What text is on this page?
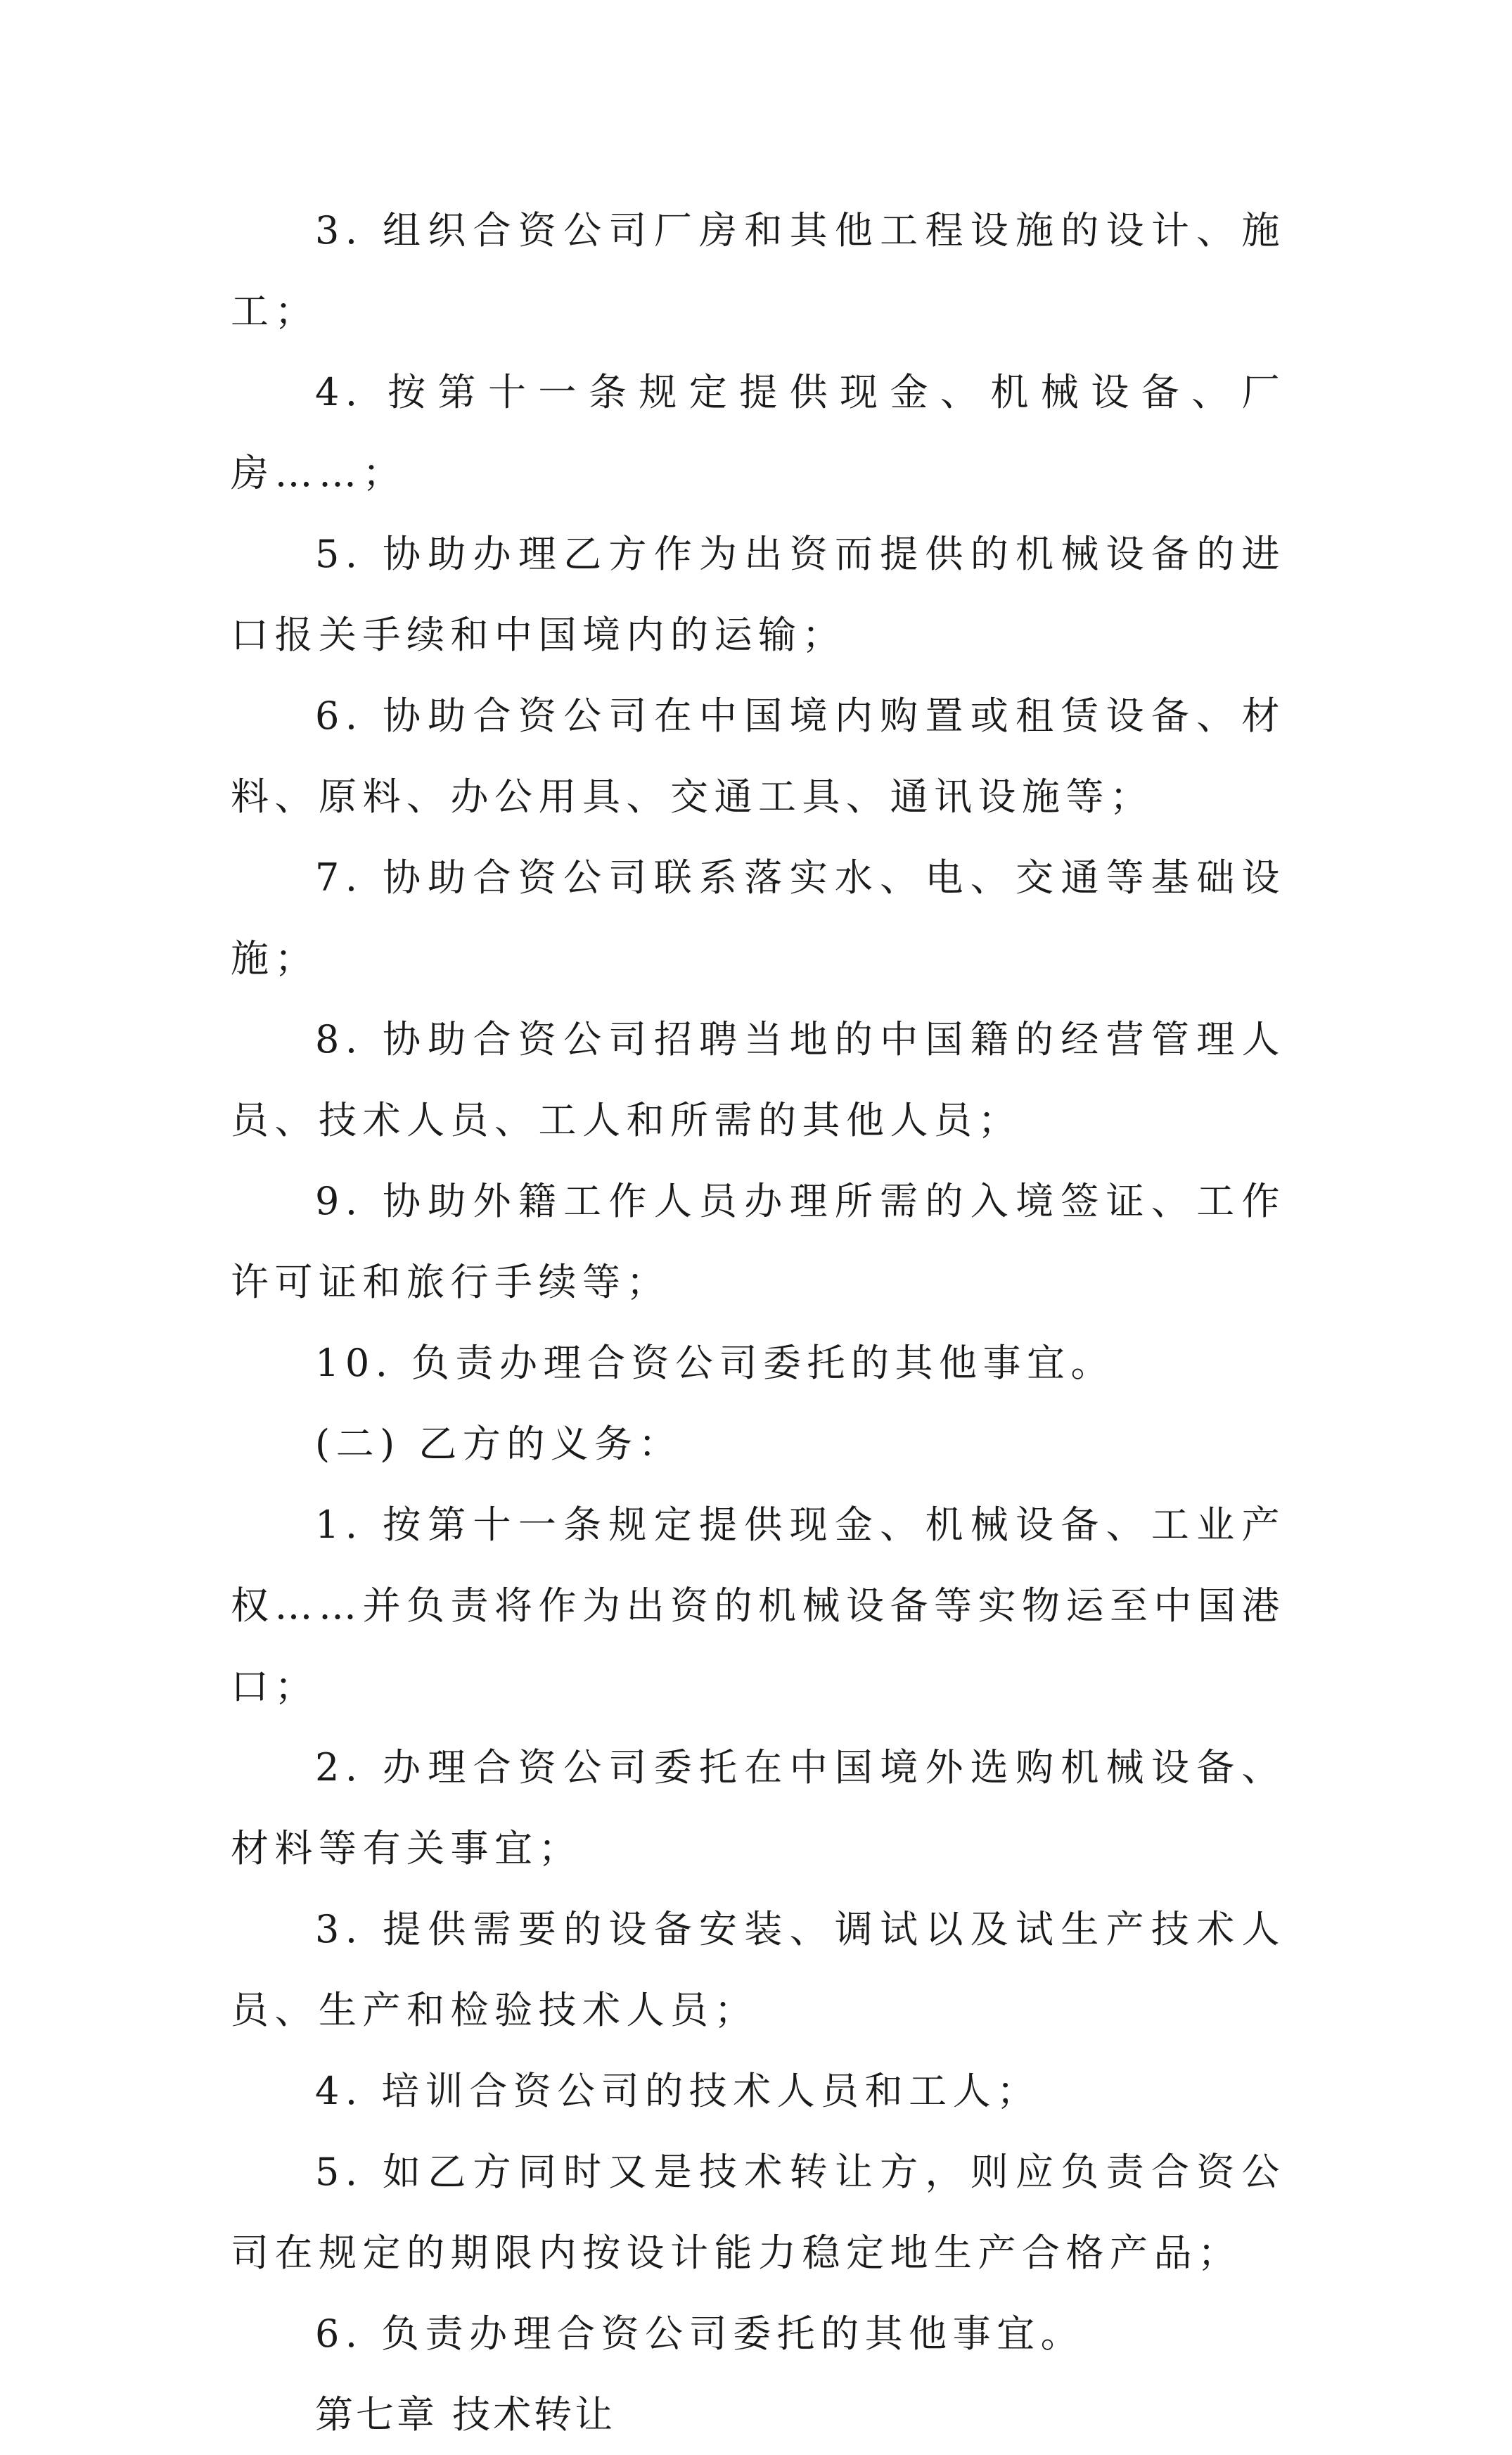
3. 组织合资公司厂房和其他工程设施的设计、施工；

4. 按第十一条规定提供现金、机械设备、厂房……；

5. 协助办理乙方作为出资而提供的机械设备的进口报关手续和中国境内的运输；

6. 协助合资公司在中国境内购置或租赁设备、材料、原料、办公用具、交通工具、通讯设施等；

7. 协助合资公司联系落实水、电、交通等基础设施；

8. 协助合资公司招聘当地的中国籍的经营管理人员、技术人员、工人和所需的其他人员；

9. 协助外籍工作人员办理所需的入境签证、工作许可证和旅行手续等；

10. 负责办理合资公司委托的其他事宜。

(二) 乙方的义务：

1. 按第十一条规定提供现金、机械设备、工业产权……并负责将作为出资的机械设备等实物运至中国港口；

2. 办理合资公司委托在中国境外选购机械设备、材料等有关事宜；

3. 提供需要的设备安装、调试以及试生产技术人员、生产和检验技术人员；

4. 培训合资公司的技术人员和工人；

5. 如乙方同时又是技术转让方，则应负责合资公司在规定的期限内按设计能力稳定地生产合格产品；

6. 负责办理合资公司委托的其他事宜。

第七章 技术转让
